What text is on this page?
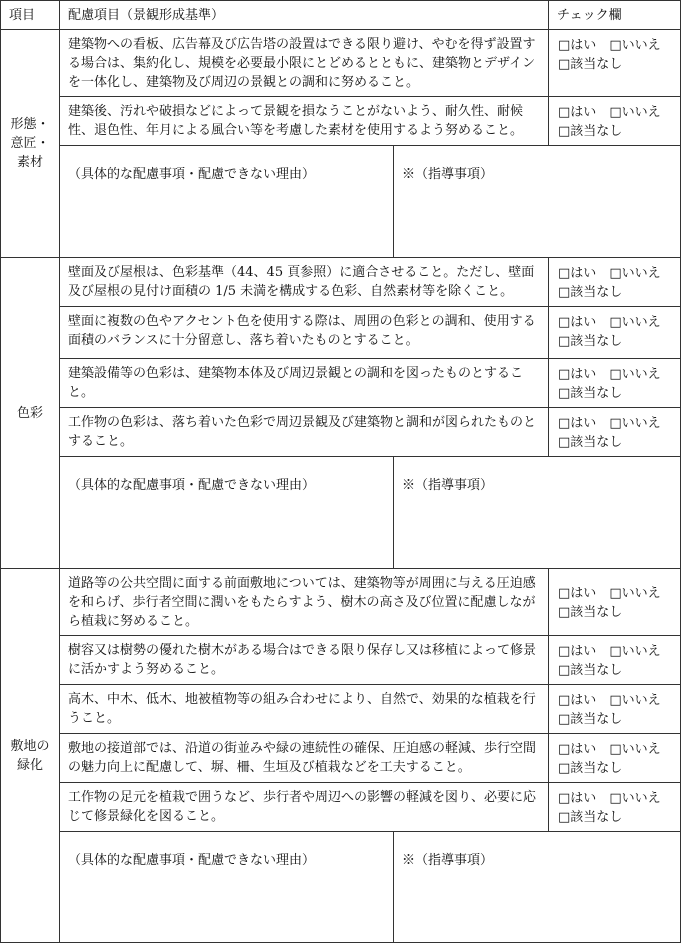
項目	配慮項目（景観形成基準）		チェック欄
形態・
意匠・
素材	建築物への看板、広告幕及び広告塔の設置はできる限り避け、やむを得ず設置する場合は、集約化し、規模を必要最小限にとどめるとともに、建築物とデザインを一体化し、建築物及び周辺の景観との調和に努めること。		□はい　 □いいえ
□該当なし

	建築後、汚れや破損などによって景観を損なうことがないよう、耐久性、耐候性、退色性、年月による風合い等を考慮した素材を使用するよう努めること。		□はい　 □いいえ
□該当なし

	（具体的な配慮事項・配慮できない理由）	※（指導事項）	
色彩	壁面及び屋根は、色彩基準（44、45 頁参照）に適合させること。ただし、壁面及び屋根の見付け面積の 1/5 未満を構成する色彩、自然素材等を除くこと。		□はい　 □いいえ
□該当なし

	壁面に複数の色やアクセント色を使用する際は、周囲の色彩との調和、使用する面積のバランスに十分留意し、落ち着いたものとすること。		□はい　 □いいえ
□該当なし

	建築設備等の色彩は、建築物本体及び周辺景観との調和を図ったものとすること。		□はい　 □いいえ
□該当なし

	工作物の色彩は、落ち着いた色彩で周辺景観及び建築物と調和が図られたものとすること。		□はい　 □いいえ
□該当なし

	（具体的な配慮事項・配慮できない理由）	※（指導事項）	
敷地の
緑化	道路等の公共空間に面する前面敷地については、建築物等が周囲に与える圧迫感を和らげ、歩行者空間に潤いをもたらすよう、樹木の高さ及び位置に配慮しながら植栽に努めること。		□はい　 □いいえ
□該当なし

	樹容又は樹勢の優れた樹木がある場合はできる限り保存し又は移植によって修景に活かすよう努めること。		□はい　 □いいえ
□該当なし

	高木、中木、低木、地被植物等の組み合わせにより、自然で、効果的な植栽を行うこと。		□はい　 □いいえ
□該当なし

	敷地の接道部では、沿道の街並みや緑の連続性の確保、圧迫感の軽減、歩行空間の魅力向上に配慮して、塀、柵、生垣及び植栽などを工夫すること。		□はい　 □いいえ
□該当なし

	工作物の足元を植栽で囲うなど、歩行者や周辺への影響の軽減を図り、必要に応じて修景緑化を図ること。		□はい　 □いいえ
□該当なし

	（具体的な配慮事項・配慮できない理由）	※（指導事項）	
